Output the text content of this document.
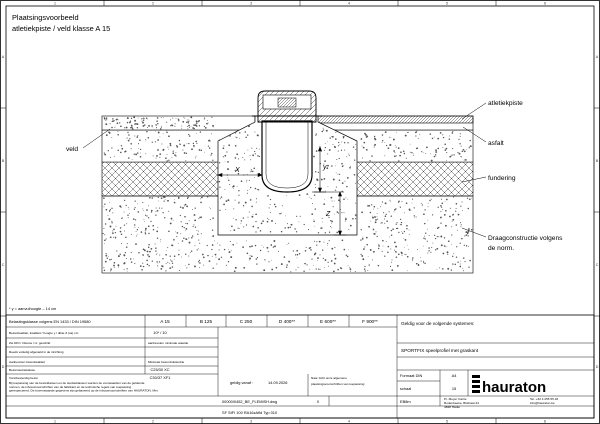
1	2	3	4	5	6
1	2	3	4	5	6
A
B
C
D
A
B
C
D
Plaatsingsvoorbeeld
atletiekpiste / veld klasse A 15
X	y
Z
veld
atletiekpiste
asfalt
fundering
Draagconstructie volgens
de norm.
* y = aanvulhoogte – 14 cm
Belastingsklasse volgens EN 1433 / DIN 19580	A 15	B 125	C 250	D 400**	E 600**	F 900**
Betonkwaliteit, kwaliteit / hoogte y / dikte Z (ca) cm	10* / 10
Zie DIN / Inbouw / nr. geschikt	aanbevolen minimale waarde
Reeds volledig afgesteld in de inrichting
Aanbevolen betonkwaliteit	Minimale betondruksterkte
Betonsterkteklasse	C25/30 XC
Vorstbestendig beton	C30/37 XF1
Bij toepassing van de betonklassen en de sterkteklassen worden de voorwaarden van de geldende normen, de inbouwvoorschriften van de fabrikant en de technische regels van toepassing gerespecteerd. De bovenstaande gegevens zijn gebaseerd op de inbouwvoorschriften van HAURATON. Met
Geldig voor de volgende systemen:
SPORTFIX speelprofiel met graskant
geldig vanaf :	14.09.2026
Naar zicht onze algemene
plaatsingsvoorschriften van toepassing
Formaat DIN	A4
schaal	15
00000/0452_BE_FLEMISH.dwg	0	EB8m
SF StFI 100 RA16zAfld Typ 010
hauraton
Pr. Meyer Carrie
Rodenbeeke, Bitstraat 24
4848 Haute
Tel. +32 4 255 55 18
info@hauraton.be
